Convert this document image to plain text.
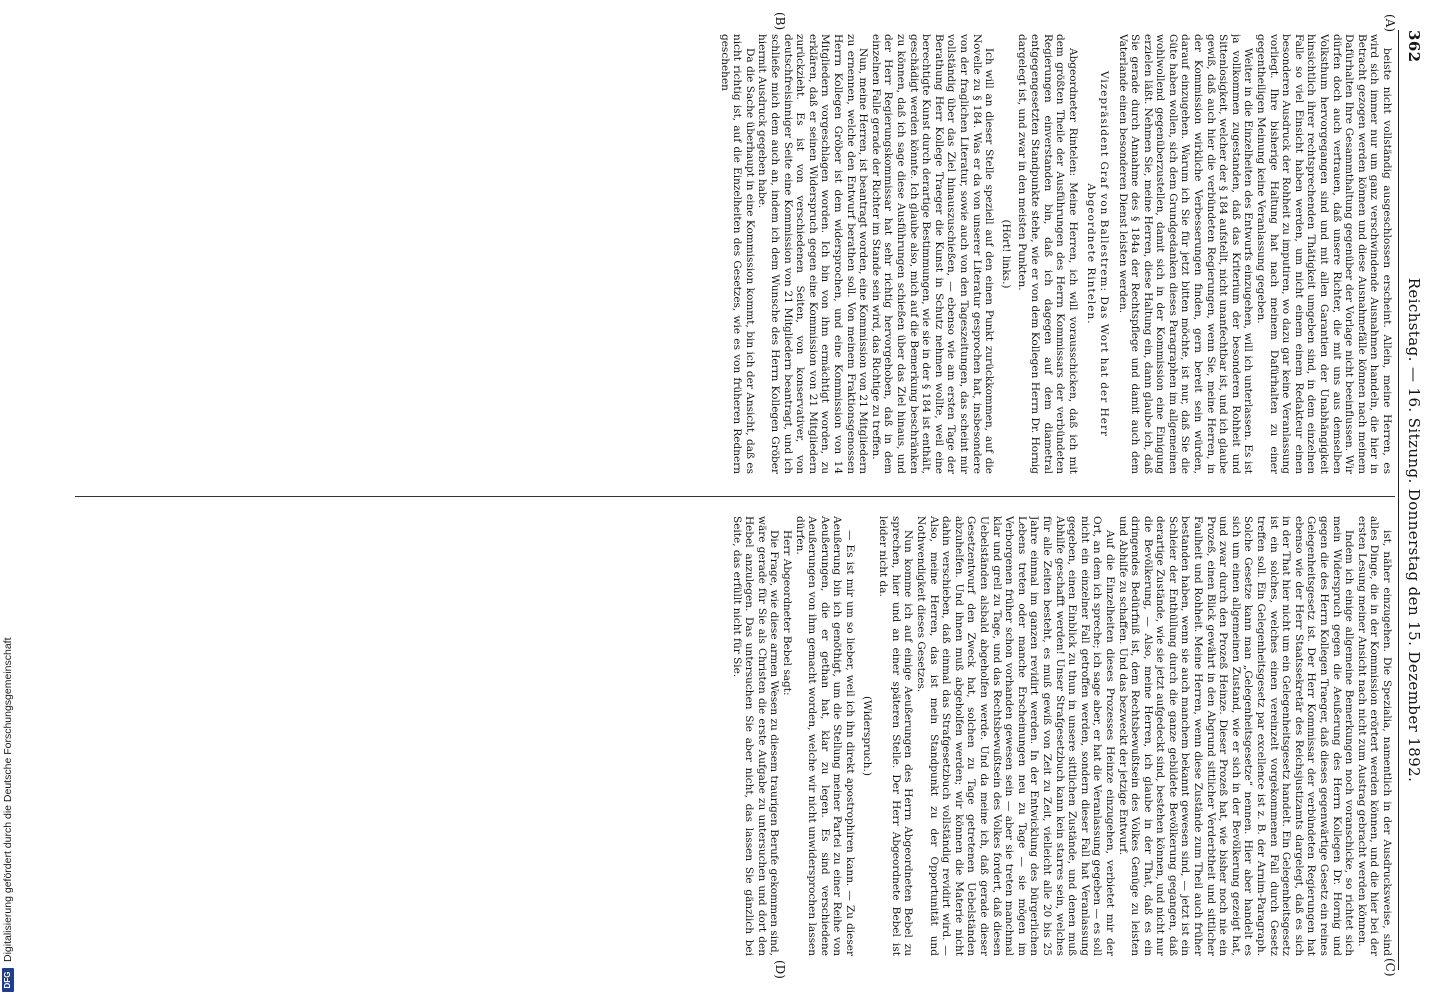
362
Reichstag. — 16. Sitzung. Donnerstag den 15. Dezember 1892.
(A)
(B)
(C)
(D)

beiste nicht vollständig ausgeschlossen erscheint. Allein, meine Herren, es wird sich immer nur um ganz verschwindende Ausnahmen handeln, die hier in Betracht gezogen werden können und diese Ausnahmefälle können nach meinem Dafürhalten Ihre Gesammthaltung gegenüber der Vorlage nicht beeinflussen. Wir dürfen doch auch vertrauen, daß unsere Richter, die mit uns aus demselben Volksthum hervorgegangen sind und mit allen Garantien der Unabhängigkeit hinsichtlich ihrer rechtsprechenden Thätigkeit umgeben sind, in dem einzelnen Falle so viel Einsicht haben werden, um nicht einem einem Redakteur einen besonderen Ausdruck der Rohheit zu imputiren, wo dazu gar keine Veranlassung vorliegt. Ihre bisherige Haltung hat nach meinem Dafürhalten zu einer gegentheiligen Meinung keine Veranlassung gegeben.

Weiter in die Einzelheiten des Entwurfs einzugehen, will ich unterlassen. Es ist ja vollkommen zugestanden, daß das Kriterium der besonderen Rohheit und Sittenlosigkeit, welcher der § 184 aufstellt, nicht unanfechtbar ist, und ich glaube gewiß, daß auch hier die verbündeten Regierungen, wenn Sie, meine Herren, in der Kommission wirkliche Verbesserungen finden, gern bereit sein würden, darauf einzugehen. Warum ich Sie für jetzt bitten möchte, ist nur, daß Sie die Güte haben wollen, sich dem Grundgedanken dieses Paragraphen im allgemeinen wohlwollend gegenüberzustellen, damit sich in der Kommission eine Einigung erzielen läßt. Nehmen Sie, meine Herren, diese Haltung ein, dann glaube ich, daß Sie gerade durch Annahme des § 184a der Rechtspflege und damit auch dem Vaterlande einen besonderen Dienst leisten werden.

Vizepräsident Graf von Ballestrem: Das Wort hat der Herr Abgeordnete Rintelen.

Abgeordneter Rintelen: Meine Herren, ich will vorausschicken, daß ich mit dem größten Theile der Ausführungen des Herrn Kommissars der verbündeten Regierungen einverstanden bin, daß ich dagegen auf dem diametral entgegengesetzten Standpunkte stehe, wie er von dem Kollegen Herrn Dr. Hornig dargelegt ist, und zwar in den meisten Punkten.

(Hört! links.)

Ich will an dieser Stelle speziell auf den einen Punkt zurückkommen, auf die Novelle zu § 184. Was er da von unserer Literatur gesprochen hat, insbesondere von der fraglichen Literatur, sowie auch von den Tageszeitungen, das scheint mir vollständig über das Ziel hinauszuschießen, — ebenso wie am ersten Tage der Berathung Herr Kollege Traeger die Kunst in Schutz nehmen wollte, weil eine berechtigte Kunst durch derartige Bestimmungen, wie sie in der § 184 ist enthält, geschädigt werden könnte. Ich glaube also, mich auf die Bemerkung beschränken zu können, daß ich sage diese Ausführungen schießen über das Ziel hinaus, und der Herr Regierungskommissar hat sehr richtig hervorgehoben, daß in dem einzelnen Falle gerade der Richter im Stande sein wird, das Richtige zu treffen.

Nun, meine Herren, ist beantragt worden, eine Kommission von 21 Mitgliedern zu ernennen, welche den Entwurf berathen soll. Von meinem Fraktionsgenossen Herrn Kollegen Gröber ist dem widersprochen, und eine Kommission von 14 Mitgliedern vorgeschlagen worden. Ich bin von ihm ermächtigt worden, zu erklären, daß er seinen Widerspruch gegen eine Kommission von 21 Mitgliedern zurückzieht. Es ist von verschiedenen Seiten, von konservativer, von deutschfreisinniger Seite eine Kommission von 21 Mitgliedern beantragt, und ich schließe mich dem auch an, indem ich dem Wunsche des Herrn Kollegen Gröber hiermit Ausdruck gegeben habe.

Da die Sache überhaupt in eine Kommission kommt, bin ich der Ansicht, daß es nicht richtig ist, auf die Einzelheiten des Gesetzes, wie es von früheren Rednern geschehen

ist, näher einzugehen. Die Spezialia, namentlich in der Ausdrucksweise, sind alles Dinge, die in der Kommission erörtert werden können, und die hier bei der ersten Lesung meiner Ansicht nach nicht zum Austrag gebracht werden können.

Indem ich einige allgemeine Bemerkungen noch voranschicke, so richtet sich mein Widerspruch gegen die Aeußerung des Herrn Kollegen Dr. Hornig und gegen die des Herrn Kollegen Traeger, daß dieses gegenwärtige Gesetz ein reines Gelegenheitsgesetz ist. Der Herr Kommissar der verbündeten Regierungen hat ebenso wie der Herr Staatssekretär des Reichsjustizamts dargelegt, daß es sich in der That hier nicht um ein Gelegenheitsgesetz handelt. Ein Gelegenheitsgesetz ist ein solches, welches einen vereinzelt vorgekommenen Fall durch Gesetz treffen soll. Ein Gelegenheitsgesetz par excellence ist z. B. der Arnim-Paragraph. Solche Gesetze kann man „Gelegenheitsgesetze“ nennen. Hier aber handelt es sich um einen allgemeinen Zustand, wie er sich in der Bevölkerung gezeigt hat, und zwar durch den Prozeß Heinze. Dieser Prozeß hat, wie bisher noch nie ein Prozeß, einen Blick gewährt in den Abgrund sittlicher Verderbtheit und sittlicher Faulheit und Rohheit. Meine Herren, wenn diese Zustände zum Theil auch früher bestanden haben, wenn sie auch manchem bekannt gewesen sind, — jetzt ist ein Schleier der Enthüllung durch die ganze gebildete Bevölkerung gegangen, daß derartige Zustände, wie sie jetzt aufgedeckt sind, bestehen können, und nicht nur die Bevölkerung, — Also, meine Herren, ich glaube in der That, daß es ein dringendes Bedürfniß ist, dem Rechtsbewußtsein des Volkes Genüge zu leisten und Abhilfe zu schaffen. Und das bezweckt der jetzige Entwurf.

Auf die Einzelheiten dieses Prozesses Heinze einzugehen, verbietet mir der Ort, an dem ich spreche; ich sage aber, er hat die Veranlassung gegeben — es soll nicht ein einzelner Fall getroffen werden, sondern dieser Fall hat Veranlassung gegeben, einen Einblick zu thun in unsere sittlichen Zustände, und denen muß Abhilfe geschafft werden! Unser Strafgesetzbuch kann kein starres sein, welches für alle Zeiten besteht, es muß gewiß von Zeit zu Zeit, vielleicht alle 20 bis 25 Jahre einmal im ganzen revidirt werden. In der Entwicklung des bürgerlichen Lebens treten oder manche Erscheinungen neu zu Tage — sie mögen im Verborgenen früher schon vorhanden gewesen sein — aber sie treten manchmal klar und grell zu Tage, und das Rechtsbewußtsein des Volkes fordert, daß diesen Uebelständen alsbald abgeholfen werde. Und da meine ich, daß gerade dieser Gesetzentwurf den Zweck hat, solchen zu Tage getretenen Uebelständen abzuhelfen. Und ihnen muß abgeholfen werden; wir können die Materie nicht dahin verschieben, daß einmal das Strafgesetzbuch vollständig revidirt wird. — Also, meine Herren, das ist mein Standpunkt zu der Opportunität und Nothwendigkeit dieses Gesetzes.

Nun komme ich auf einige Aeußerungen des Herrn Abgeordneten Bebel zu sprechen, hier und an einer späteren Stelle. Der Herr Abgeordnete Bebel ist leider nicht da.

(Widerspruch.)

— Es ist mir um so lieber, weil ich ihn direkt apostrophiren kann. — Zu dieser Aeußerung bin ich genöthigt, um die Stellung meiner Partei zu einer Reihe von Aeußerungen, die er gethan hat, klar zu legen. Es sind verschiedene Aeußerungen von ihm gemacht worden, welche wir nicht unwidersprochen lassen dürfen.

Herr Abgeordneter Bebel sagt:

Die Frage, wie diese armen Wesen zu diesem traurigen Berufe gekommen sind, wäre gerade für Sie als Christen die erste Aufgabe zu untersuchen und dort den Hebel anzulegen. Das untersuchen Sie aber nicht, das lassen Sie gänzlich bei Seite, das erfüllt nicht für Sie.

DFG
Digitalisierung gefördert durch die Deutsche Forschungsgemeinschaft
